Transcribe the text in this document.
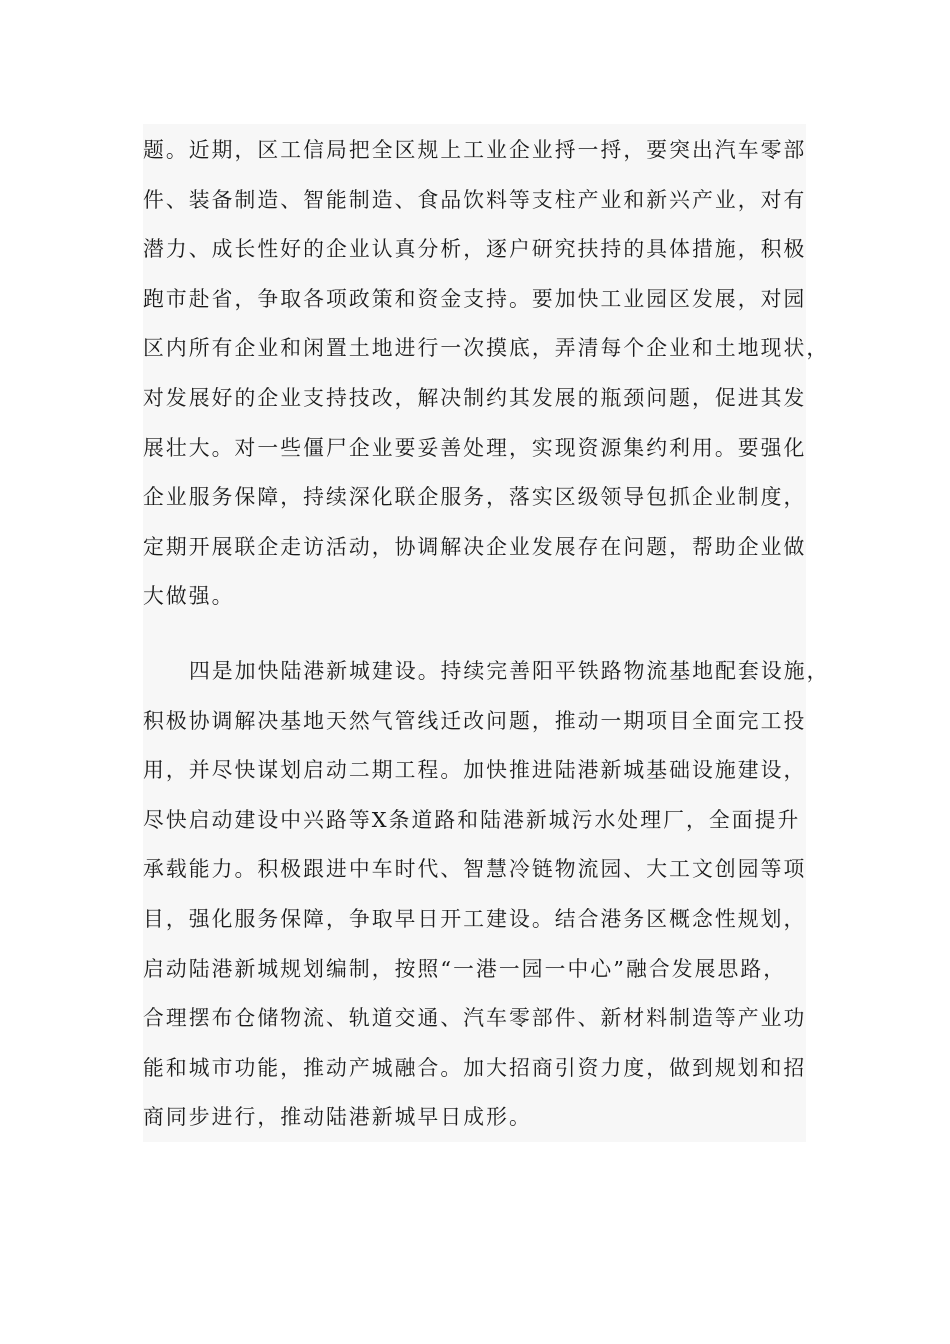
题。近期，区工信局把全区规上工业企业捋一捋，要突出汽车零部
件、装备制造、智能制造、食品饮料等支柱产业和新兴产业，对有
潜力、成长性好的企业认真分析，逐户研究扶持的具体措施，积极
跑市赴省，争取各项政策和资金支持。要加快工业园区发展，对园
区内所有企业和闲置土地进行一次摸底，弄清每个企业和土地现状，
对发展好的企业支持技改，解决制约其发展的瓶颈问题，促进其发
展壮大。对一些僵尸企业要妥善处理，实现资源集约利用。要强化
企业服务保障，持续深化联企服务，落实区级领导包抓企业制度，
定期开展联企走访活动，协调解决企业发展存在问题，帮助企业做
大做强。
四是加快陆港新城建设。持续完善阳平铁路物流基地配套设施，
积极协调解决基地天然气管线迁改问题，推动一期项目全面完工投
用，并尽快谋划启动二期工程。加快推进陆港新城基础设施建设，
尽快启动建设中兴路等X条道路和陆港新城污水处理厂，全面提升
承载能力。积极跟进中车时代、智慧冷链物流园、大工文创园等项
目，强化服务保障，争取早日开工建设。结合港务区概念性规划，
启动陆港新城规划编制，按照“一港一园一中心”融合发展思路，
合理摆布仓储物流、轨道交通、汽车零部件、新材料制造等产业功
能和城市功能，推动产城融合。加大招商引资力度，做到规划和招
商同步进行，推动陆港新城早日成形。
